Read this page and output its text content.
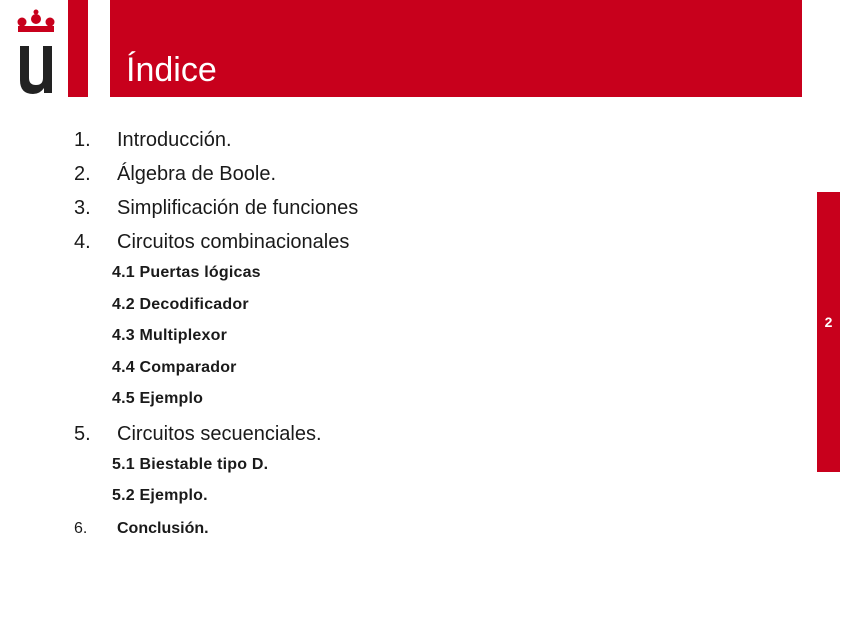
Índice
2
1. Introducción.
2. Álgebra de Boole.
3. Simplificación de funciones
4. Circuitos combinacionales
4.1 Puertas lógicas
4.2 Decodificador
4.3 Multiplexor
4.4 Comparador
4.5 Ejemplo
5. Circuitos secuenciales.
5.1 Biestable tipo D.
5.2 Ejemplo.
6. Conclusión.
